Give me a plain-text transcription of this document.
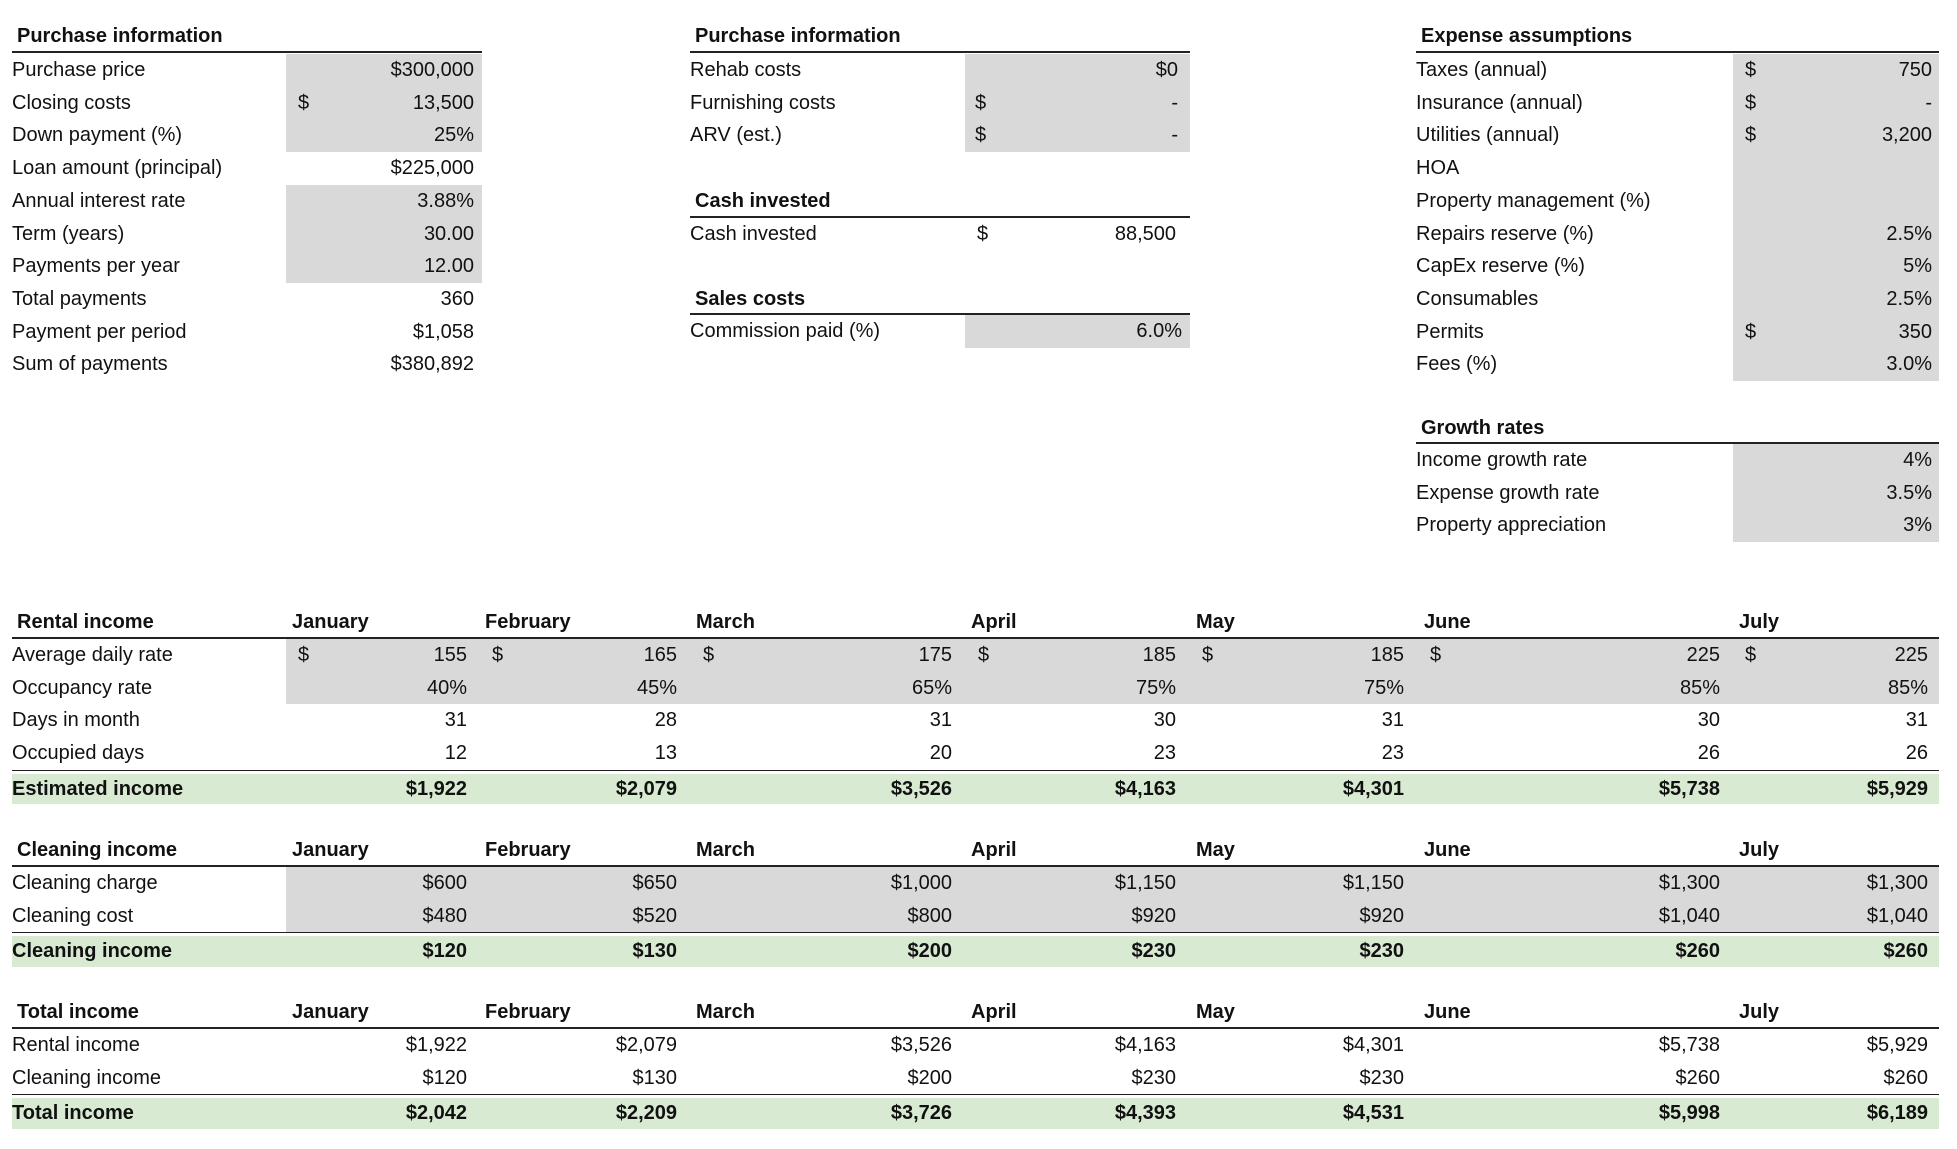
Purchase information
Purchase price	$300,000
Closing costs	$	13,500
Down payment (%)	25%
Loan amount (principal)	$225,000
Annual interest rate	3.88%
Term (years)	30.00
Payments per year	12.00
Total payments	360
Payment per period	$1,058
Sum of payments	$380,892
Purchase information
Rehab costs	$0
Furnishing costs	$	-
ARV (est.)	$	-
Cash invested
Cash invested	$	88,500
Sales costs
Commission paid (%)	6.0%
Expense assumptions
Taxes (annual)	$	750
Insurance (annual)	$	-
Utilities (annual)	$	3,200
HOA
Property management (%)
Repairs reserve (%)	2.5%
CapEx reserve (%)	5%
Consumables	2.5%
Permits	$	350
Fees (%)	3.0%
Growth rates
Income growth rate	4%
Expense growth rate	3.5%
Property appreciation	3%
Rental income	January	February	March	April	May	June	July
Average daily rate	$	155 $	165 $	175 $	185 $	185 $	225 $	225
Occupancy rate	40%	45%	65%	75%	75%	85%	85%
Days in month	31	28	31	30	31	30	31
Occupied days	12	13	20	23	23	26	26
Estimated income	$1,922	$2,079	$3,526	$4,163	$4,301	$5,738	$5,929
Cleaning income	January	February	March	April	May	June	July
Cleaning charge	$600	$650	$1,000	$1,150	$1,150	$1,300	$1,300
Cleaning cost	$480	$520	$800	$920	$920	$1,040	$1,040
Cleaning income	$120	$130	$200	$230	$230	$260	$260
Total income	January	February	March	April	May	June	July
Rental income	$1,922	$2,079	$3,526	$4,163	$4,301	$5,738	$5,929
Cleaning income	$120	$130	$200	$230	$230	$260	$260
Total income	$2,042	$2,209	$3,726	$4,393	$4,531	$5,998	$6,189
